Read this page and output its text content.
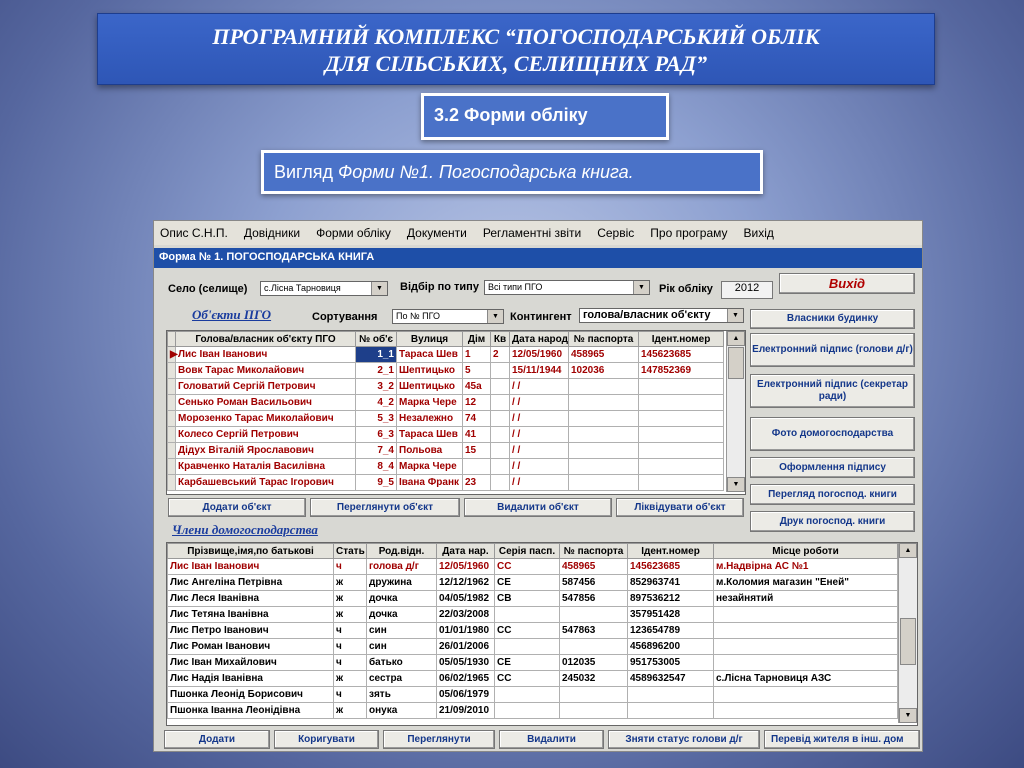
ПРОГРАМНИЙ КОМПЛЕКС “ПОГОСПОДАРСЬКИЙ ОБЛІК
ДЛЯ СІЛЬСЬКИХ, СЕЛИЩНИХ РАД”
3.2 Форми обліку
Вигляд Форми №1. Погосподарська книга.
Опис С.Н.П. Довідники Форми обліку Документи Регламентні звіти Сервіс Про програму Вихід
Форма № 1. ПОГОСПОДАРСЬКА КНИГА
Село (селище)	с.Лісна Тарновиця	▼	Відбір по типу	Всі типи ПГО	▼	Рік обліку	2012	Вихід
Об'єкти ПГО	Сортування	По № ПГО	▼	Контингент	голова/власник об'єкту	▼
	Голова/власник об'єкту ПГО	№ об'є	Вулиця	Дім	Кв	Дата народ	№ паспорта	Ідент.номер
▶	Лис Іван Іванович	1_1	Тараса Шев	1	2	12/05/1960	458965	145623685
	Вовк Тарас Миколайович	2_1	Шептицько	5		15/11/1944	102036	147852369
	Головатий Сергій Петрович	3_2	Шептицько	45а		/ /		
	Сенько Роман Васильович	4_2	Марка Чере	12		/ /		
	Морозенко Тарас Миколайович	5_3	Незалежно	74		/ /		
	Колесо Сергій Петрович	6_3	Тараса Шев	41		/ /		
	Дідух Віталій Ярославович	7_4	Польова	15		/ /		
	Кравченко Наталія Василівна	8_4	Марка Чере			/ /		
	Карбашевський Тарас Ігорович	9_5	Івана Франк	23		/ /		
▲
▼
Власники будинку
Електронний підпис (голови д/г)
Електронний підпис (секретар ради)
Фото домогосподарства
Оформлення підпису
Перегляд погоспод. книги
Друк погоспод. книги
Додати об'єкт	Переглянути об'єкт	Видалити об'єкт	Ліквідувати об'єкт
Члени домогосподарства
Прізвище,імя,по батькові	Стать	Род.відн.	Дата нар.	Серія пасп.	№ паспорта	Ідент.номер	Місце роботи
Лис Іван Іванович	ч	голова д/г	12/05/1960	СС	458965	145623685	м.Надвірна АС №1
Лис Ангеліна Петрівна	ж	дружина	12/12/1962	СЕ	587456	852963741	м.Коломия магазин "Еней"
Лис Леся Іванівна	ж	дочка	04/05/1982	СВ	547856	897536212	незайнятий
Лис Тетяна Іванівна	ж	дочка	22/03/2008			357951428	
Лис Петро Іванович	ч	син	01/01/1980	СС	547863	123654789	
Лис Роман Іванович	ч	син	26/01/2006			456896200	
Лис Іван Михайлович	ч	батько	05/05/1930	СЕ	012035	951753005	
Лис Надія Іванівна	ж	сестра	06/02/1965	СС	245032	4589632547	с.Лісна Тарновиця АЗС
Пшонка Леонід Борисович	ч	зять	05/06/1979				
Пшонка Іванна Леонідівна	ж	онука	21/09/2010				
▲
▼
Додати	Коригувати	Переглянути	Видалити	Зняти статус голови д/г	Перевід жителя в інш. дом
